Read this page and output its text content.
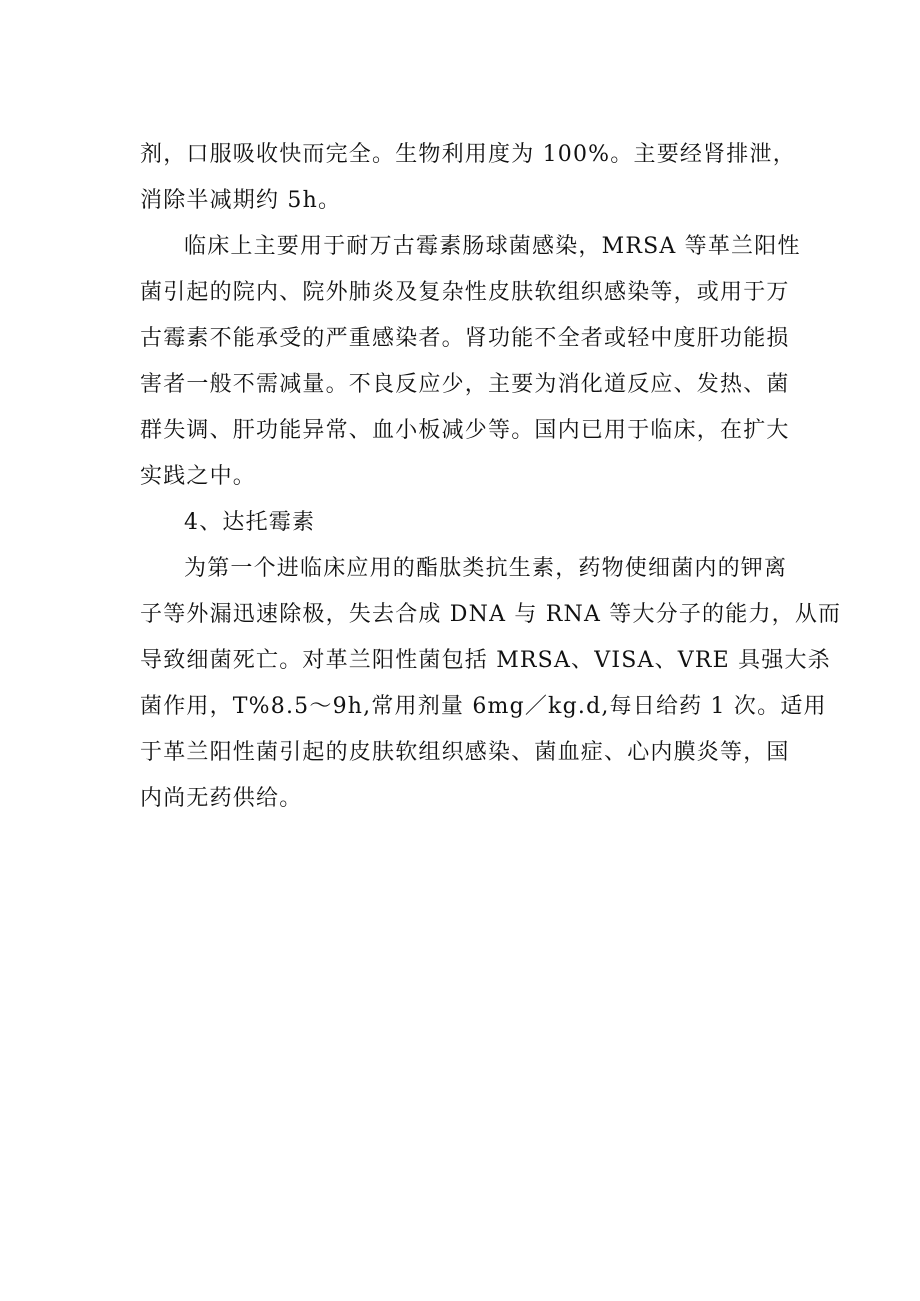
剂，口服吸收快而完全。生物利用度为 100%。主要经肾排泄，
消除半减期约 5h。

临床上主要用于耐万古霉素肠球菌感染，MRSA 等革兰阳性
菌引起的院内、院外肺炎及复杂性皮肤软组织感染等，或用于万
古霉素不能承受的严重感染者。肾功能不全者或轻中度肝功能损
害者一般不需减量。不良反应少，主要为消化道反应、发热、菌
群失调、肝功能异常、血小板减少等。国内已用于临床，在扩大
实践之中。

4、达托霉素

为第一个进临床应用的酯肽类抗生素，药物使细菌内的钾离
子等外漏迅速除极，失去合成 DNA 与 RNA 等大分子的能力，从而
导致细菌死亡。对革兰阳性菌包括 MRSA、VISA、VRE 具强大杀
菌作用，T%8.5～9h,常用剂量 6mg／kg.d,每日给药 1 次。适用
于革兰阳性菌引起的皮肤软组织感染、菌血症、心内膜炎等，国
内尚无药供给。
